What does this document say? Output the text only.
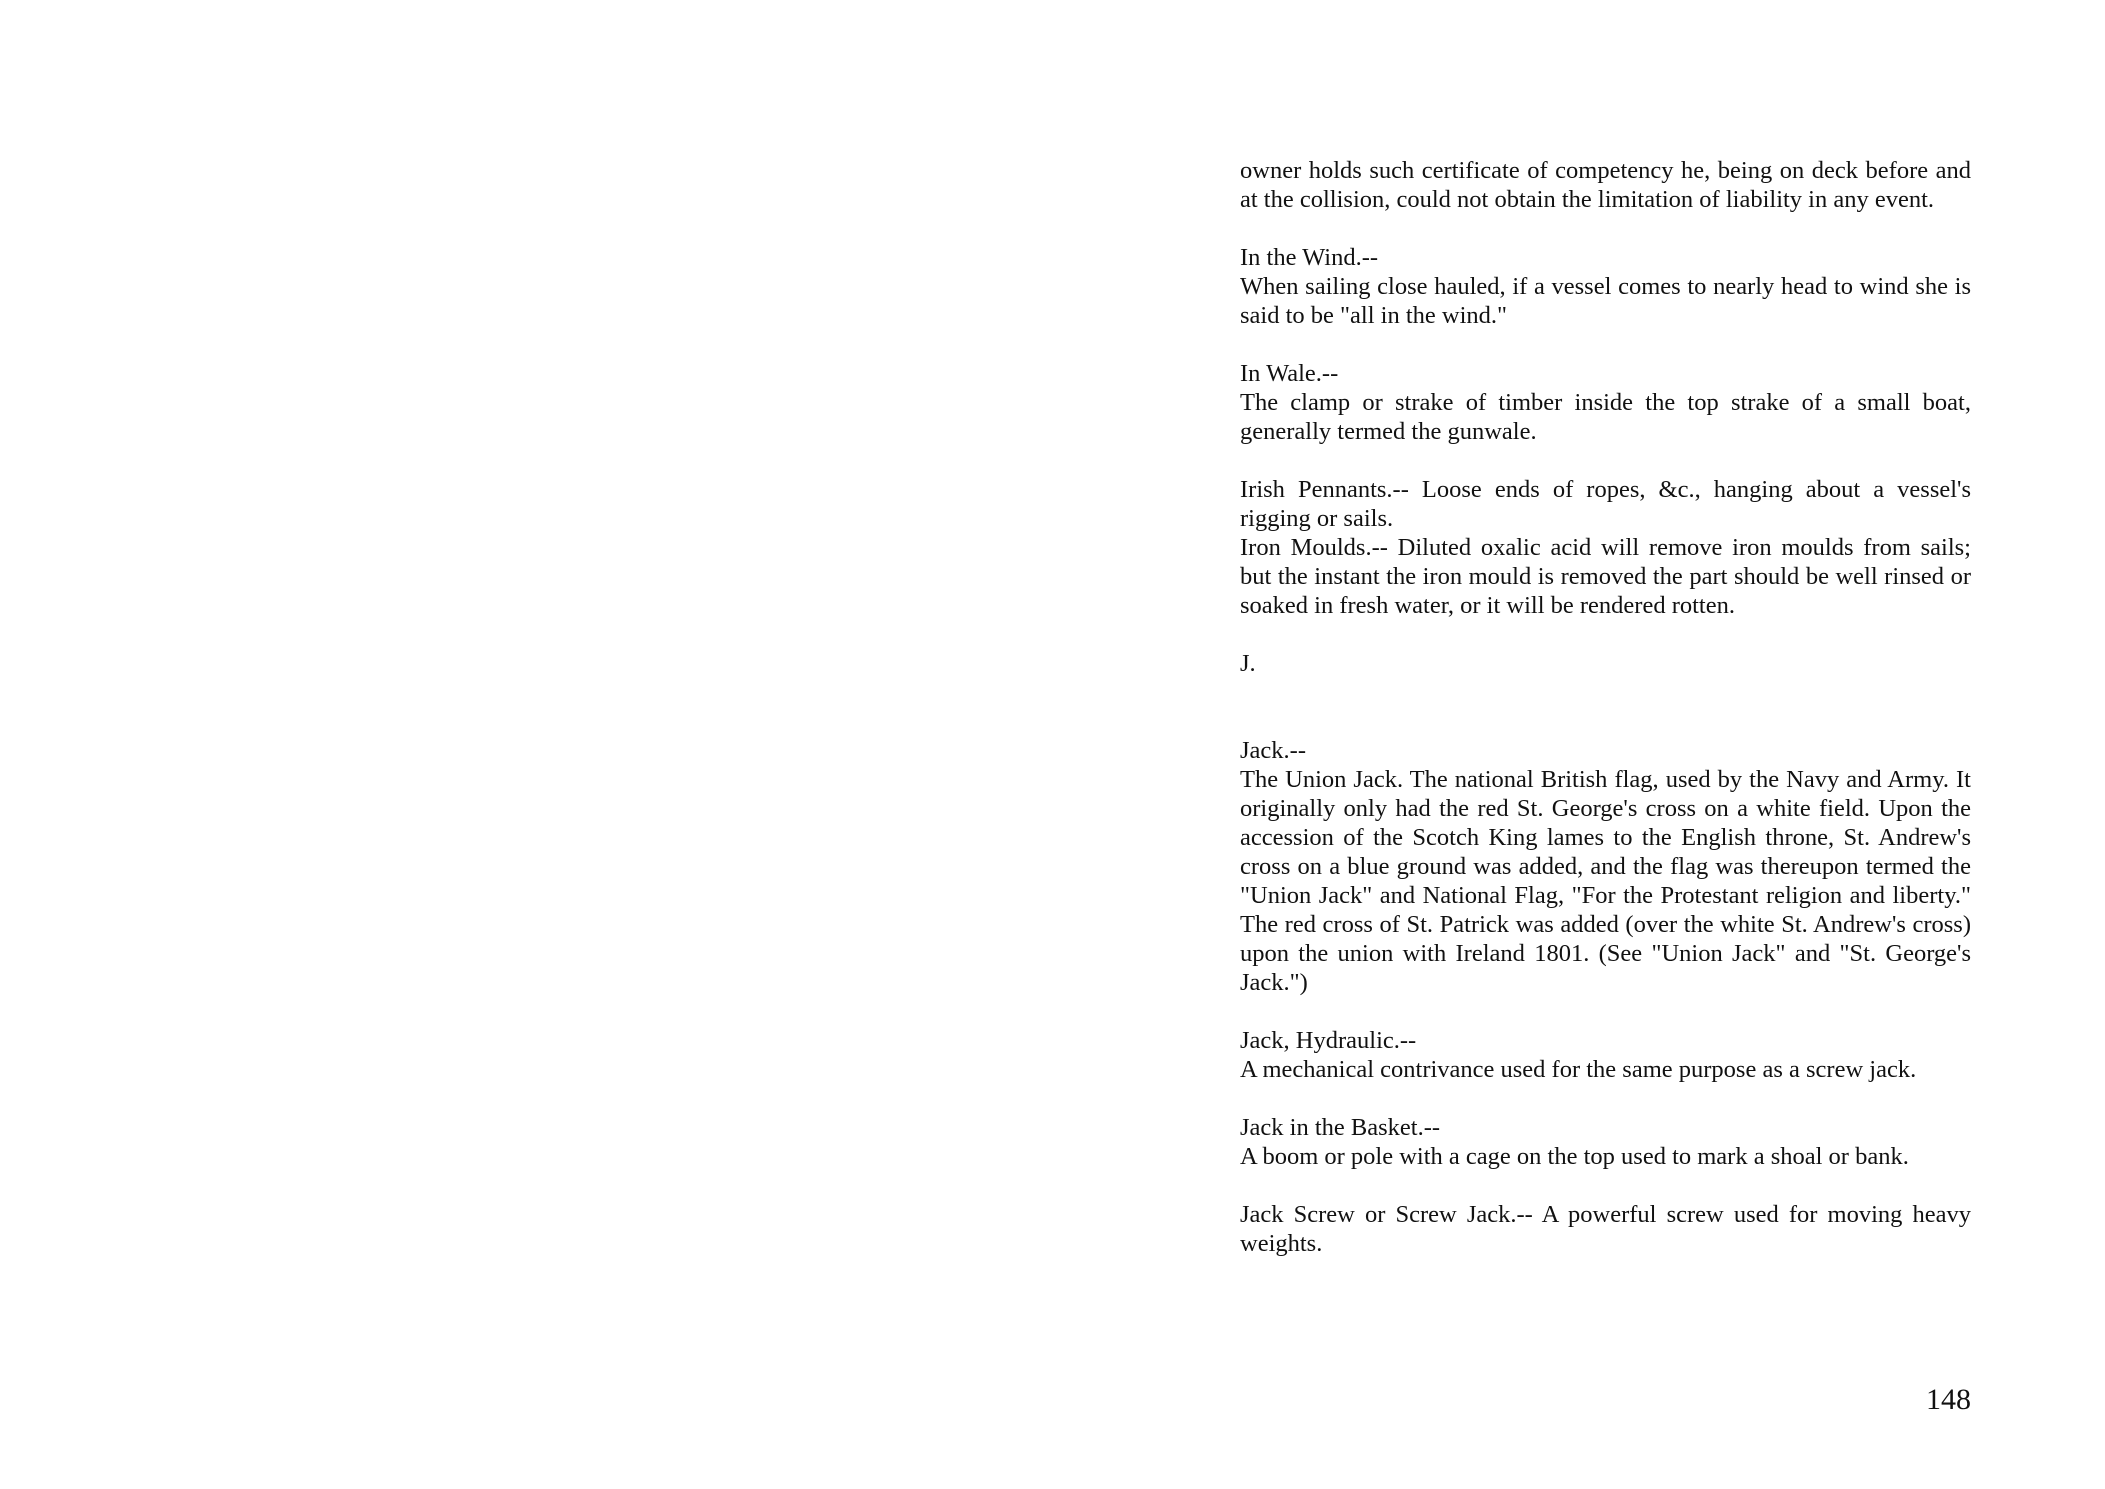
owner holds such certificate of competency he, being on deck before and at the collision, could not obtain the limitation of liability in any event.
In the Wind.--
When sailing close hauled, if a vessel comes to nearly head to wind she is said to be "all in the wind."
In Wale.--
The clamp or strake of timber inside the top strake of a small boat, generally termed the gunwale.
Irish Pennants.-- Loose ends of ropes, &c., hanging about a vessel's rigging or sails.
Iron Moulds.-- Diluted oxalic acid will remove iron moulds from sails; but the instant the iron mould is removed the part should be well rinsed or soaked in fresh water, or it will be rendered rotten.
J.
Jack.--
The Union Jack. The national British flag, used by the Navy and Army. It originally only had the red St. George's cross on a white field. Upon the accession of the Scotch King lames to the English throne, St. Andrew's cross on a blue ground was added, and the flag was thereupon termed the "Union Jack" and National Flag, "For the Protestant religion and liberty." The red cross of St. Patrick was added (over the white St. Andrew's cross) upon the union with Ireland 1801. (See "Union Jack" and "St. George's Jack.")
Jack, Hydraulic.--
A mechanical contrivance used for the same purpose as a screw jack.
Jack in the Basket.--
A boom or pole with a cage on the top used to mark a shoal or bank.
Jack Screw or Screw Jack.-- A powerful screw used for moving heavy weights.
148
